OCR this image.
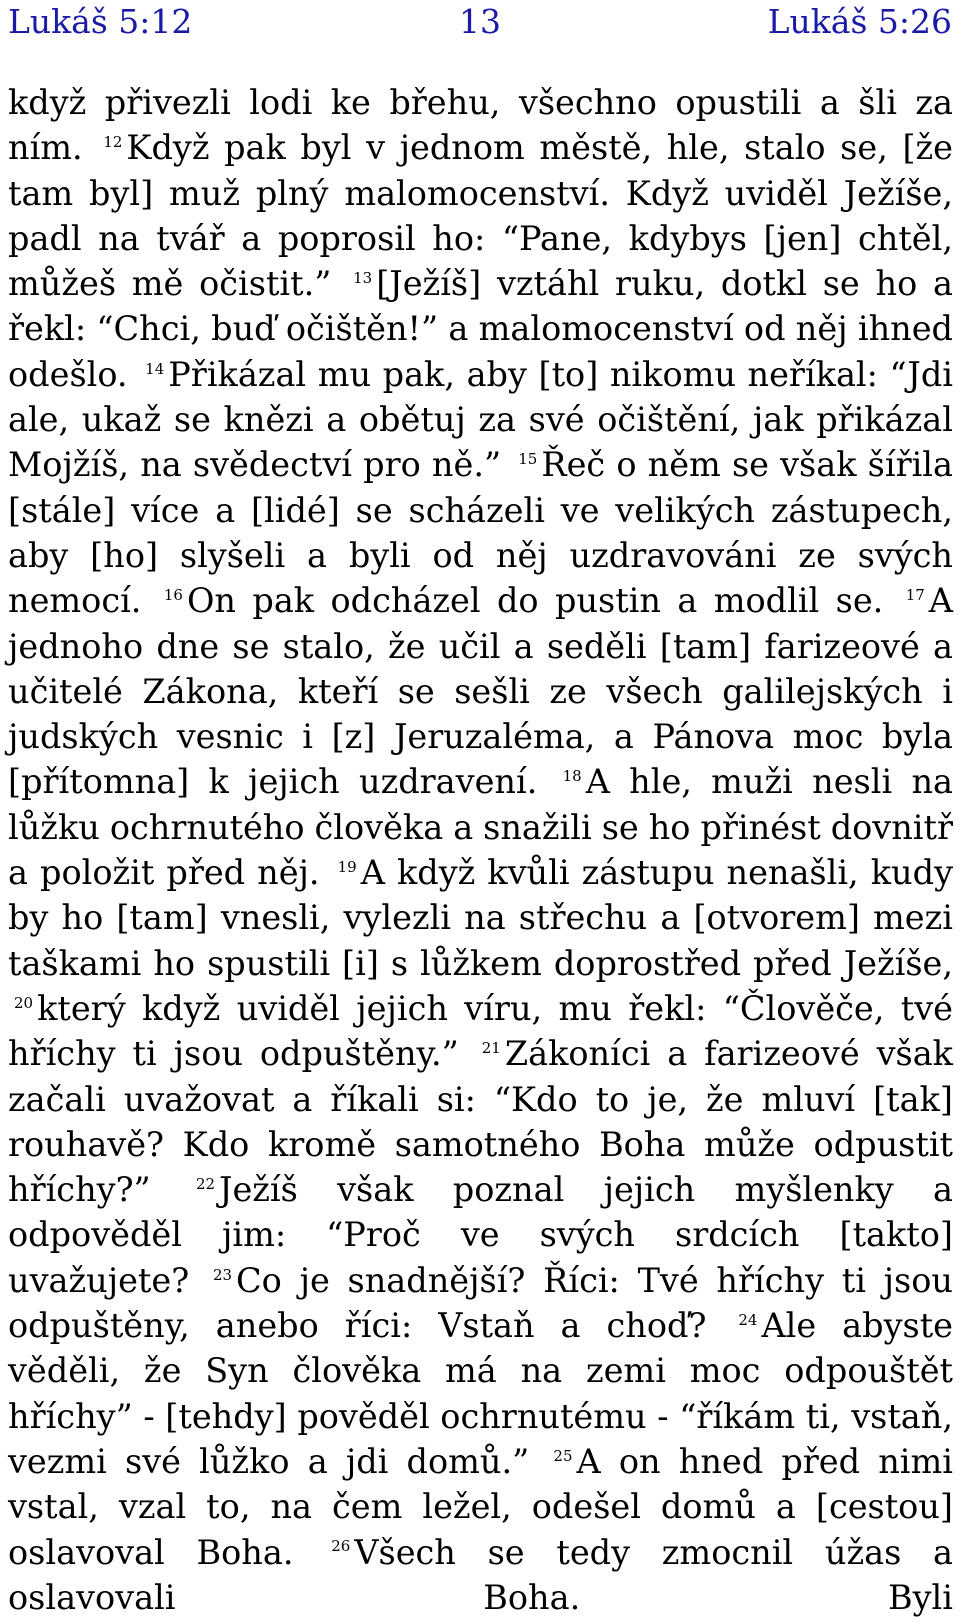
Lukáš 5:12	13	Lukáš 5:26
když přivezli lodi ke břehu, všechno opustili a šli za ním. $^{12}$ Když pak byl v jednom městě, hle, stalo se, [že tam byl] muž plný malomocenství. Když uviděl Ježíše, padl na tvář a poprosil ho: “Pane, kdybys [jen] chtěl, můžeš mě očistit.” $^{13}$ [Ježíš] vztáhl ruku, dotkl se ho a řekl: “Chci, buď očištěn!” a malomocenství od něj ihned odešlo. $^{14}$ Přikázal mu pak, aby [to] nikomu neříkal: “Jdi ale, ukaž se knězi a obětuj za své očištění, jak přikázal Mojžíš, na svědectví pro ně.” $^{15}$ Řeč o něm se však šířila [stále] více a [lidé] se scházeli ve velikých zástupech, aby [ho] slyšeli a byli od něj uzdravováni ze svých nemocí. $^{16}$ On pak odcházel do pustin a modlil se. $^{17}$ A jednoho dne se stalo, že učil a seděli [tam] farizeové a učitelé Zákona, kteří se sešli ze všech galilejských i judských vesnic i [z] Jeruzaléma, a Pánova moc byla [přítomna] k jejich uzdravení. $^{18}$ A hle, muži nesli na lůžku ochrnutého člověka a snažili se ho přinést dovnitř a položit před něj. $^{19}$ A když kvůli zástupu nenašli, kudy by ho [tam] vnesli, vylezli na střechu a [otvorem] mezi taškami ho spustili [i] s lůžkem doprostřed před Ježíše, $^{20}$ který když uviděl jejich víru, mu řekl: “Člověče, tvé hříchy ti jsou odpuštěny.” $^{21}$ Zákoníci a farizeové však začali uvažovat a říkali si: “Kdo to je, že mluví [tak] rouhavě? Kdo kromě samotného Boha může odpustit hříchy?”	$^{22}$ Ježíš však poznal jejich myšlenky a odpověděl jim: “Proč ve svých srdcích [takto] uvažujete? $^{23}$ Co je snadnější? Říci: Tvé hříchy ti jsou odpuštěny, anebo říci: Vstaň a choď? $^{24}$ Ale abyste věděli, že Syn člověka má na zemi moc odpouštět hříchy” - [tehdy] pověděl ochrnutému - “říkám ti, vstaň, vezmi své lůžko a jdi domů.” $^{25}$ A on hned před nimi vstal, vzal to, na čem ležel, odešel domů a [cestou] oslavoval Boha.	$^{26}$ Všech se tedy zmocnil úžas a oslavovali Boha. Byli
